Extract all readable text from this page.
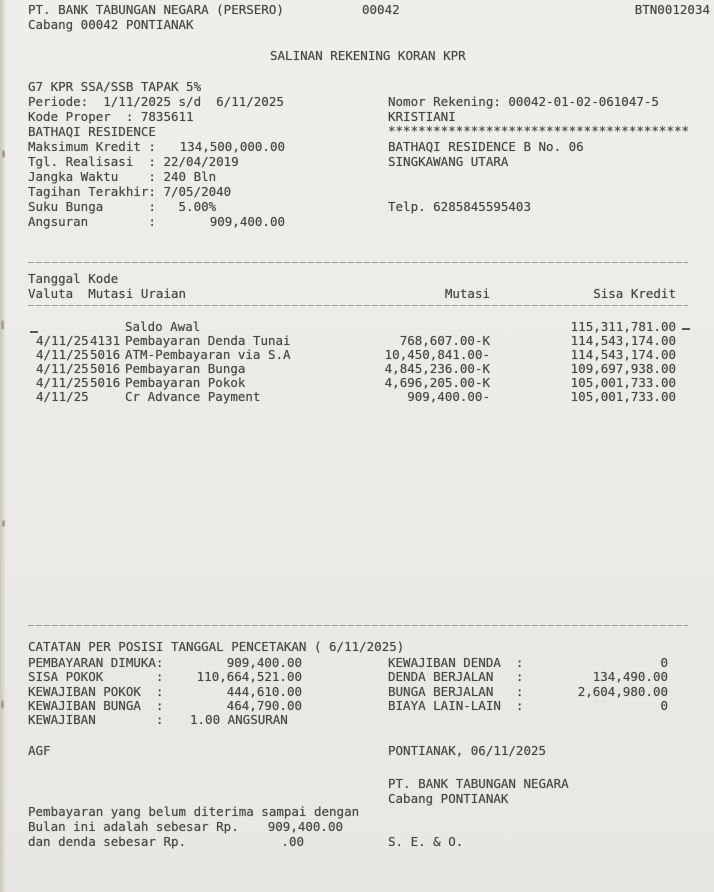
PT. BANK TABUNGAN NEGARA (PERSERO)	00042	BTN0012034
Cabang 00042 PONTIANAK
SALINAN REKENING KORAN KPR
G7 KPR SSA/SSB TAPAK 5%
Periode:  1/11/2025 s/d  6/11/2025
Kode Proper  : 7835611
BATHAQI RESIDENCE
Maksimum Kredit : 134,500,000.00
Tgl. Realisasi  : 22/04/2019
Jangka Waktu    : 240 Bln
Tagihan Terakhir: 7/05/2040
Suku Bunga      :   5.00%
Angsuran        :	909,400.00
Nomor Rekening: 00042-01-02-061047-5
KRISTIANI
****************************************
BATHAQI RESIDENCE B No. 06
SINGKAWANG UTARA
Telp. 6285845595403
Tanggal Kode
Valuta  Mutasi Uraian	Mutasi	Sisa Kredit
Saldo Awal	115,311,781.00
4/11/25 4131 Pembayaran Denda Tunai	768,607.00-K	114,543,174.00
4/11/25 5016 ATM-Pembayaran via S.A	10,450,841.00-	114,543,174.00
4/11/25 5016 Pembayaran Bunga	4,845,236.00-K	109,697,938.00
4/11/25 5016 Pembayaran Pokok	4,696,205.00-K	105,001,733.00
4/11/25	Cr Advance Payment	909,400.00-	105,001,733.00
CATATAN PER POSISI TANGGAL PENCETAKAN ( 6/11/2025)
PEMBAYARAN DIMUKA:	909,400.00
SISA POKOK       :	110,664,521.00
KEWAJIBAN POKOK  :	444,610.00
KEWAJIBAN BUNGA  :	464,790.00
KEWAJIBAN        : 1.00 ANGSURAN
KEWAJIBAN DENDA  :	0
DENDA BERJALAN   :	134,490.00
BUNGA BERJALAN   :	2,604,980.00
BIAYA LAIN-LAIN  :	0
AGF	PONTIANAK, 06/11/2025
PT. BANK TABUNGAN NEGARA
Cabang PONTIANAK
Pembayaran yang belum diterima sampai dengan
Bulan ini adalah sebesar Rp. 909,400.00
dan denda sebesar Rp.	.00	S. E. & O.
